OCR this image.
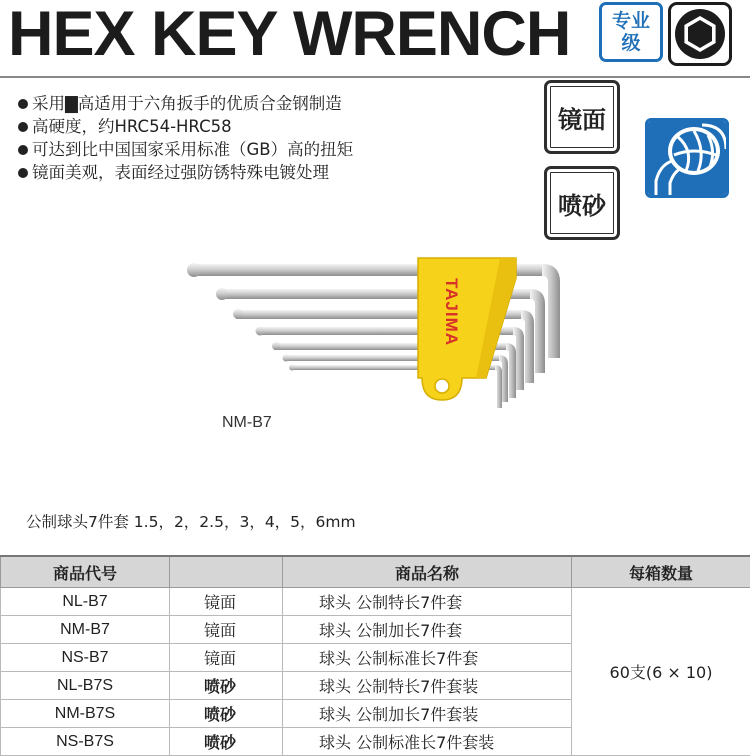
HEX KEY WRENCH 专业
级
采用▇高适用于六角扳手的优质合金钢制造
高硬度，约HRC54-HRC58
可达到比中国国家采用标准（GB）高的扭矩
镜面美观，表面经过强防锈特殊电镀处理
镜面
喷砂
TAJIMA
NM-B7
公制球头7件套 1.5，2，2.5，3，4，5，6mm
商品代号		商品名称	每箱数量
NL-B7	镜面	球头 公制特长7件套	60支(6 × 10)
NM-B7	镜面	球头 公制加长7件套	
NS-B7	镜面	球头 公制标准长7件套	
NL-B7S	喷砂	球头 公制特长7件套装	
NM-B7S	喷砂	球头 公制加长7件套装	
NS-B7S	喷砂	球头 公制标准长7件套装	
